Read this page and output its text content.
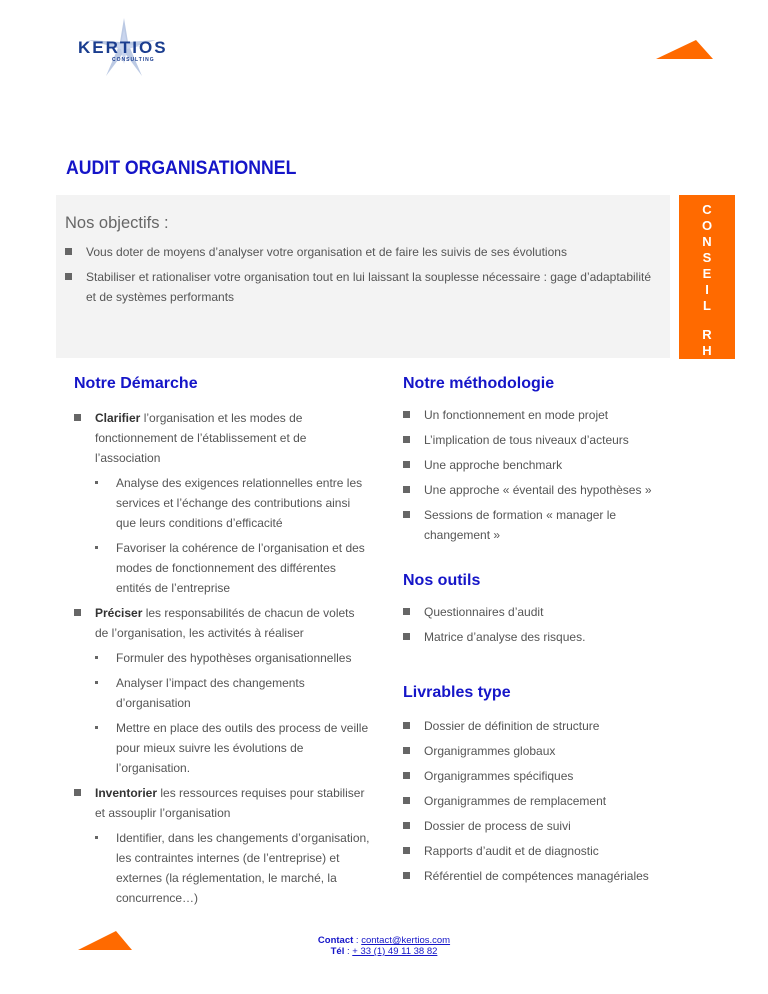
KERTIOS
CONSULTING
AUDIT ORGANISATIONNEL
Nos objectifs :
Vous doter de moyens d’analyser votre organisation et de faire les suivis de ses évolutions
Stabiliser et rationaliser votre organisation tout en lui laissant la souplesse nécessaire : gage d’adaptabilité et de systèmes performants
C
O
N
S
E
I
L
R
H
Notre Démarche
Clarifier l’organisation et les modes de fonctionnement de l’établissement et de l’association
Analyse des exigences relationnelles entre les services et l’échange des contributions ainsi que leurs conditions d’efficacité
Favoriser la cohérence de l’organisation et des modes de fonctionnement des différentes entités de l’entreprise
Préciser les responsabilités de chacun de volets de l’organisation, les activités à réaliser
Formuler des hypothèses organisationnelles
Analyser l’impact des changements d’organisation
Mettre en place des outils des process de veille pour mieux suivre les évolutions de l’organisation.
Inventorier les ressources requises pour stabiliser et assouplir l’organisation
Identifier, dans les changements d’organisation, les contraintes internes (de l’entreprise) et externes (la réglementation, le marché, la concurrence…)
Notre méthodologie
Un fonctionnement en mode projet
L’implication de tous niveaux d’acteurs
Une approche benchmark
Une approche « éventail des hypothèses »
Sessions de formation « manager le changement »
Nos outils
Questionnaires d’audit
Matrice d’analyse des risques.
Livrables type
Dossier de définition de structure
Organigrammes globaux
Organigrammes spécifiques
Organigrammes de remplacement
Dossier de process de suivi
Rapports d’audit et de diagnostic
Référentiel de compétences managériales
Contact : contact@kertios.com
Tél : + 33 (1) 49 11 38 82
